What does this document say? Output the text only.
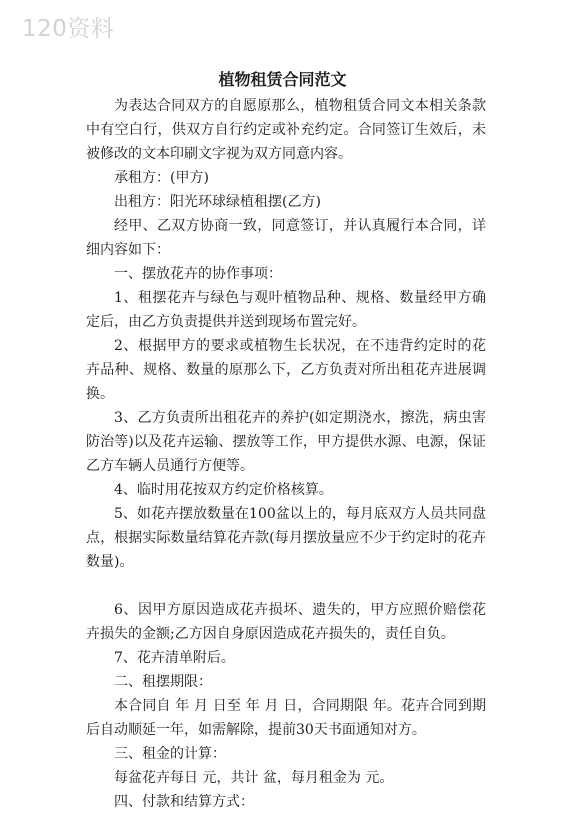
120资料
植物租赁合同范文

为表达合同双方的自愿原那么，植物租赁合同文本相关条款中有空白行，供双方自行约定或补充约定。合同签订生效后，未被修改的文本印刷文字视为双方同意内容。

承租方：(甲方)

出租方：阳光环球绿植租摆(乙方)

经甲、乙双方协商一致，同意签订，并认真履行本合同，详细内容如下：

一、摆放花卉的协作事项：

1、租摆花卉与绿色与观叶植物品种、规格、数量经甲方确定后，由乙方负责提供并送到现场布置完好。

2、根据甲方的要求或植物生长状况，在不违背约定时的花卉品种、规格、数量的原那么下，乙方负责对所出租花卉进展调换。

3、乙方负责所出租花卉的养护(如定期浇水，擦洗，病虫害防治等)以及花卉运输、摆放等工作，甲方提供水源、电源，保证乙方车辆人员通行方便等。

4、临时用花按双方约定价格核算。

5、如花卉摆放数量在100盆以上的，每月底双方人员共同盘点，根据实际数量结算花卉款(每月摆放量应不少于约定时的花卉数量)。

6、因甲方原因造成花卉损坏、遗失的，甲方应照价赔偿花卉损失的金额;乙方因自身原因造成花卉损失的，责任自负。

7、花卉清单附后。

二、租摆期限：

本合同自 年 月 日至 年 月 日，合同期限 年。花卉合同到期后自动顺延一年，如需解除，提前30天书面通知对方。

三、租金的计算：

每盆花卉每日 元，共计 盆，每月租金为 元。

四、付款和结算方式：
